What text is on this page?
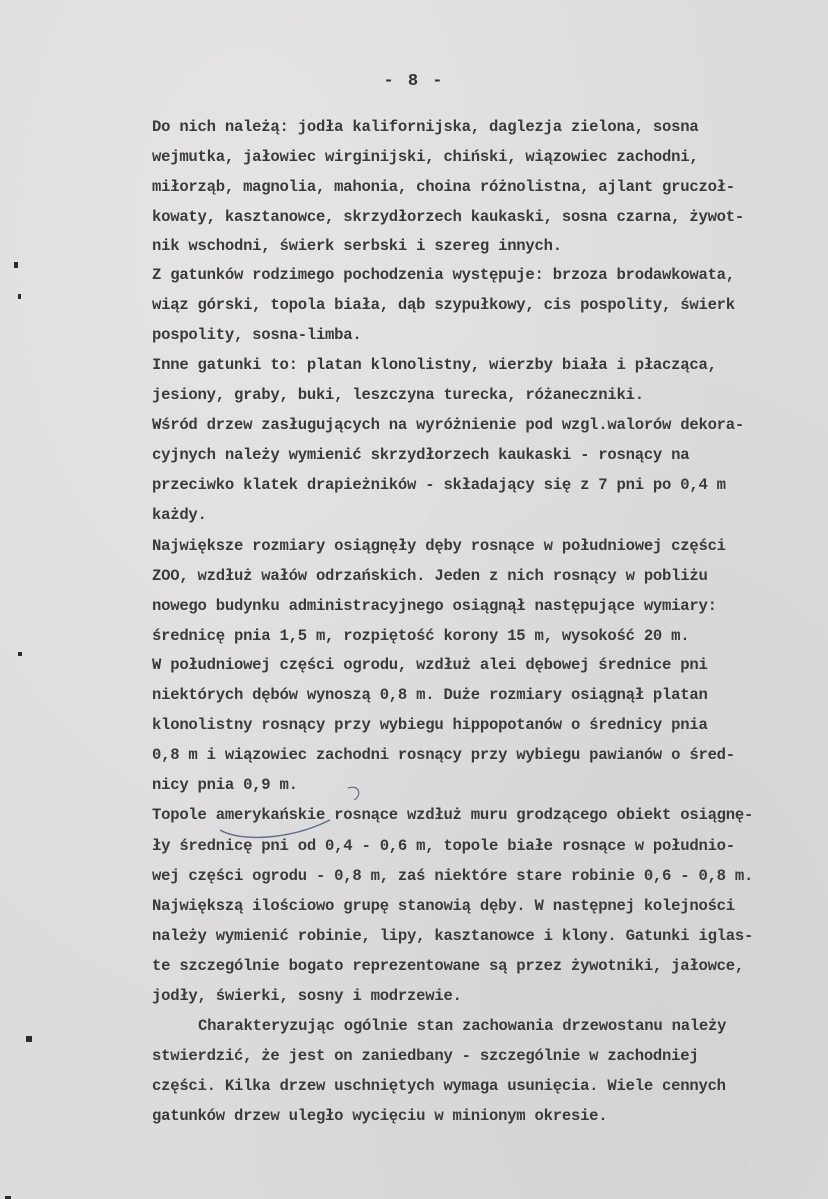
- 8 -
Do nich należą: jodła kalifornijska, daglezja zielona, sosna
wejmutka, jałowiec wirginijski, chiński, wiązowiec zachodni,
miłorząb, magnolia, mahonia, choina różnolistna, ajlant gruczoł-
kowaty, kasztanowce, skrzydłorzech kaukaski, sosna czarna, żywot-
nik wschodni, świerk serbski i szereg innych.
Z gatunków rodzimego pochodzenia występuje: brzoza brodawkowata,
wiąz górski, topola biała, dąb szypułkowy, cis pospolity, świerk
pospolity, sosna-limba.
Inne gatunki to: platan klonolistny, wierzby biała i płacząca,
jesiony, graby, buki, leszczyna turecka, różaneczniki.
Wśród drzew zasługujących na wyróżnienie pod wzgl.walorów dekora-
cyjnych należy wymienić skrzydłorzech kaukaski - rosnący na
przeciwko klatek drapieżników - składający się z 7 pni po 0,4 m
każdy.
Największe rozmiary osiągnęły dęby rosnące w południowej części
ZOO, wzdłuż wałów odrzańskich. Jeden z nich rosnący w pobliżu
nowego budynku administracyjnego osiągnął następujące wymiary:
średnicę pnia 1,5 m, rozpiętość korony 15 m, wysokość 20 m.
W południowej części ogrodu, wzdłuż alei dębowej średnice pni
niektórych dębów wynoszą 0,8 m. Duże rozmiary osiągnął platan
klonolistny rosnący przy wybiegu hippopotanów o średnicy pnia
0,8 m i wiązowiec zachodni rosnący przy wybiegu pawianów o śred-
nicy pnia 0,9 m.
Topole amerykańskie rosnące wzdłuż muru grodzącego obiekt osiągnę-
ły średnicę pni od 0,4 - 0,6 m, topole białe rosnące w południo-
wej części ogrodu - 0,8 m, zaś niektóre stare robinie 0,6 - 0,8 m.
Największą ilościowo grupę stanowią dęby. W następnej kolejności
należy wymienić robinie, lipy, kasztanowce i klony. Gatunki iglas-
te szczególnie bogato reprezentowane są przez żywotniki, jałowce,
jodły, świerki, sosny i modrzewie.
Charakteryzując ogólnie stan zachowania drzewostanu należy
stwierdzić, że jest on zaniedbany - szczególnie w zachodniej
części. Kilka drzew uschniętych wymaga usunięcia. Wiele cennych
gatunków drzew uległo wycięciu w minionym okresie.
